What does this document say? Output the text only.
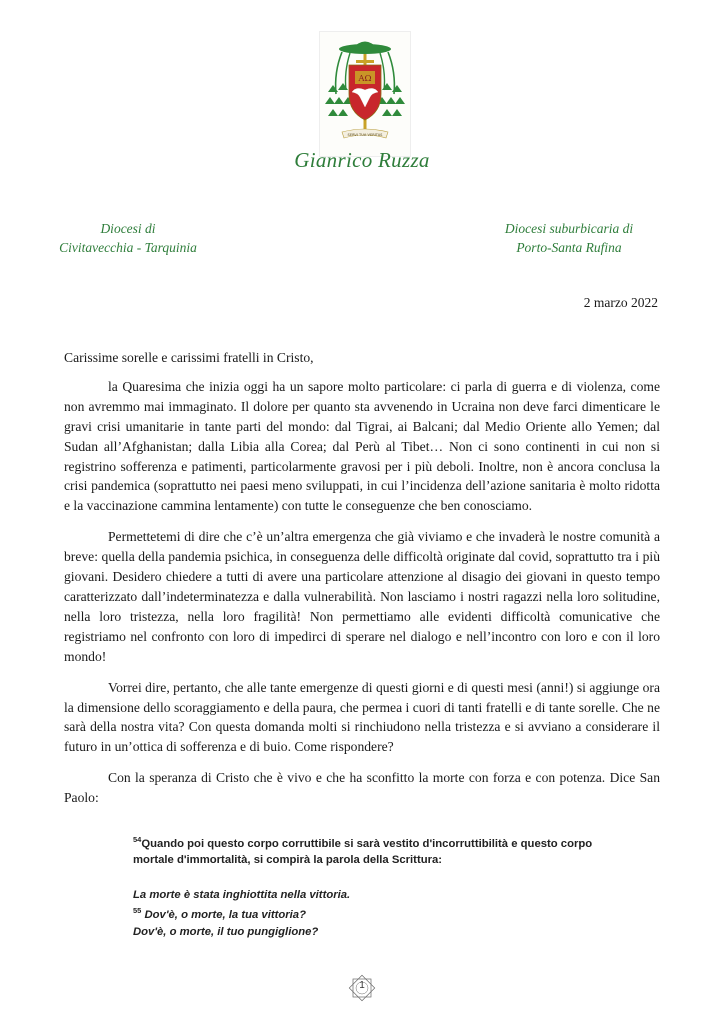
AΩ
SERVI TUA VERITAS
Gianrico Ruzza
Diocesi di
Civitavecchia - Tarquinia
Diocesi suburbicaria di
Porto-Santa Rufina
2 marzo 2022

Carissime sorelle e carissimi fratelli in Cristo,

la Quaresima che inizia oggi ha un sapore molto particolare: ci parla di guerra e di violenza, come non avremmo mai immaginato. Il dolore per quanto sta avvenendo in Ucraina non deve farci dimenticare le gravi crisi umanitarie in tante parti del mondo: dal Tigrai, ai Balcani; dal Medio Oriente allo Yemen; dal Sudan all’Afghanistan; dalla Libia alla Corea; dal Perù al Tibet… Non ci sono continenti in cui non si registrino sofferenza e patimenti, particolarmente gravosi per i più deboli. Inoltre, non è ancora conclusa la crisi pandemica (soprattutto nei paesi meno sviluppati, in cui l’incidenza dell’azione sanitaria è molto ridotta e la vaccinazione cammina lentamente) con tutte le conseguenze che ben conosciamo.

Permettetemi di dire che c’è un’altra emergenza che già viviamo e che invaderà le nostre comunità a breve: quella della pandemia psichica, in conseguenza delle difficoltà originate dal covid, soprattutto tra i più giovani. Desidero chiedere a tutti di avere una particolare attenzione al disagio dei giovani in questo tempo caratterizzato dall’indeterminatezza e dalla vulnerabilità. Non lasciamo i nostri ragazzi nella loro solitudine, nella loro tristezza, nella loro fragilità! Non permettiamo alle evidenti difficoltà comunicative che registriamo nel confronto con loro di impedirci di sperare nel dialogo e nell’incontro con loro e con il loro mondo!

Vorrei dire, pertanto, che alle tante emergenze di questi giorni e di questi mesi (anni!) si aggiunge ora la dimensione dello scoraggiamento e della paura, che permea i cuori di tanti fratelli e di tante sorelle. Che ne sarà della nostra vita? Con questa domanda molti si rinchiudono nella tristezza e si avviano a considerare il futuro in un’ottica di sofferenza e di buio. Come rispondere?

Con la speranza di Cristo che è vivo e che ha sconfitto la morte con forza e con potenza. Dice San Paolo:

$^{54}$Quando poi questo corpo corruttibile si sarà vestito d'incorruttibilità e questo corpo mortale d'immortalità, si compirà la parola della Scrittura:

La morte è stata inghiottita nella vittoria.

$^{55}$ Dov'è, o morte, la tua vittoria?

Dov'è, o morte, il tuo pungiglione?

1
